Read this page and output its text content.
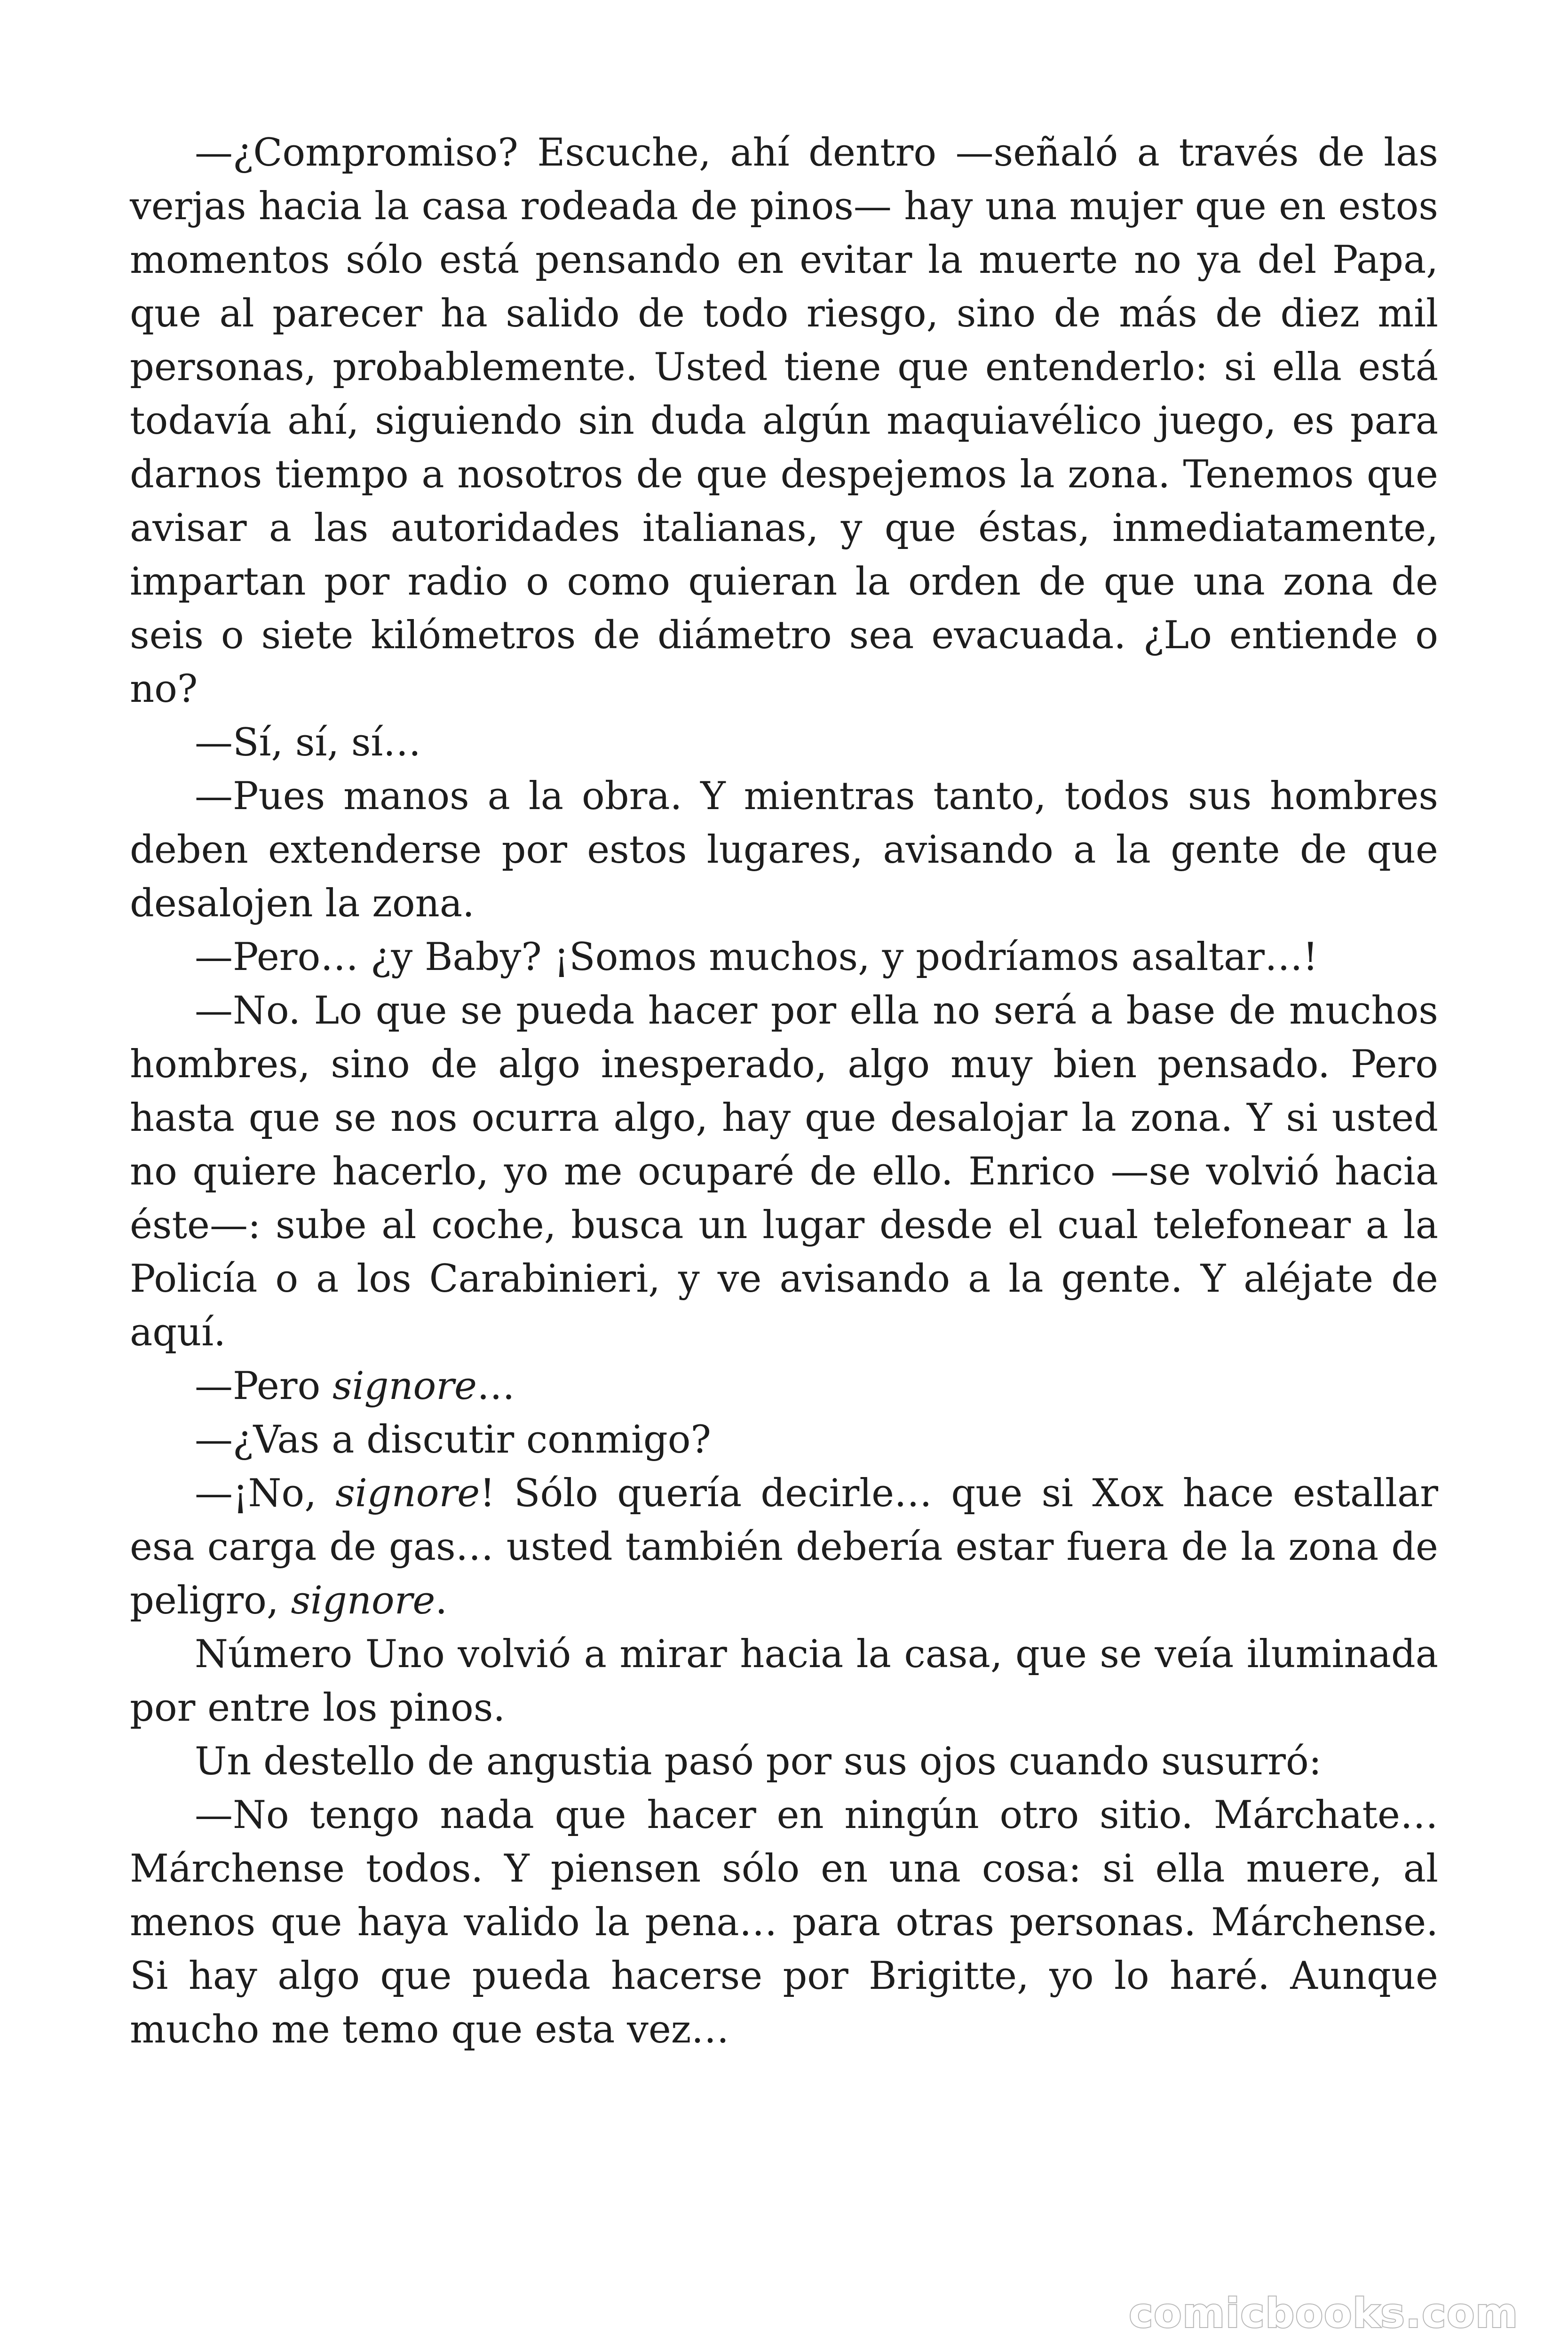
—¿Compromiso? Escuche, ahí dentro —señaló a través de las verjas hacia la casa rodeada de pinos— hay una mujer que en estos momentos sólo está pensando en evitar la muerte no ya del Papa, que al parecer ha salido de todo riesgo, sino de más de diez mil personas, probablemente. Usted tiene que entenderlo: si ella está todavía ahí, siguiendo sin duda algún maquiavélico juego, es para darnos tiempo a nosotros de que despejemos la zona. Tenemos que avisar a las autoridades italianas, y que éstas, inmediatamente, impartan por radio o como quieran la orden de que una zona de seis o siete kilómetros de diámetro sea evacuada. ¿Lo entiende o no?

—Sí, sí, sí…

—Pues manos a la obra. Y mientras tanto, todos sus hombres deben extenderse por estos lugares, avisando a la gente de que desalojen la zona.

—Pero… ¿y Baby? ¡Somos muchos, y podríamos asaltar…!

—No. Lo que se pueda hacer por ella no será a base de muchos hombres, sino de algo inesperado, algo muy bien pensado. Pero hasta que se nos ocurra algo, hay que desalojar la zona. Y si usted no quiere hacerlo, yo me ocuparé de ello. Enrico —se volvió hacia éste—: sube al coche, busca un lugar desde el cual telefonear a la Policía o a los Carabinieri, y ve avisando a la gente. Y aléjate de aquí.

—Pero signore…

—¿Vas a discutir conmigo?

—¡No, signore! Sólo quería decirle… que si Xox hace estallar esa carga de gas… usted también debería estar fuera de la zona de peligro, signore.

Número Uno volvió a mirar hacia la casa, que se veía iluminada por entre los pinos.

Un destello de angustia pasó por sus ojos cuando susurró:

—No tengo nada que hacer en ningún otro sitio. Márchate… Márchense todos. Y piensen sólo en una cosa: si ella muere, al menos que haya valido la pena… para otras personas. Márchense. Si hay algo que pueda hacerse por Brigitte, yo lo haré. Aunque mucho me temo que esta vez…

comicbooks.com
